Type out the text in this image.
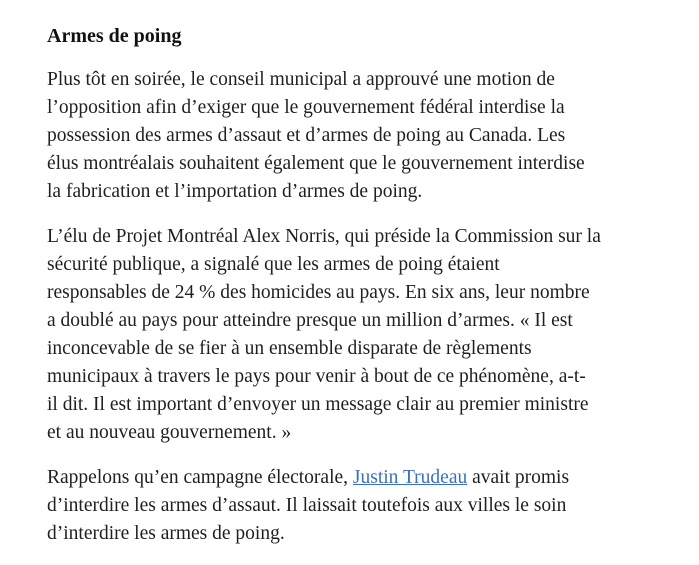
Armes de poing
Plus tôt en soirée, le conseil municipal a approuvé une motion de
l’opposition afin d’exiger que le gouvernement fédéral interdise la
possession des armes d’assaut et d’armes de poing au Canada. Les
élus montréalais souhaitent également que le gouvernement interdise
la fabrication et l’importation d’armes de poing.
L’élu de Projet Montréal Alex Norris, qui préside la Commission sur la
sécurité publique, a signalé que les armes de poing étaient
responsables de 24 % des homicides au pays. En six ans, leur nombre
a doublé au pays pour atteindre presque un million d’armes. « Il est
inconcevable de se fier à un ensemble disparate de règlements
municipaux à travers le pays pour venir à bout de ce phénomène, a-t-
il dit. Il est important d’envoyer un message clair au premier ministre
et au nouveau gouvernement. »
Rappelons qu’en campagne électorale, Justin Trudeau avait promis
d’interdire les armes d’assaut. Il laissait toutefois aux villes le soin
d’interdire les armes de poing.
